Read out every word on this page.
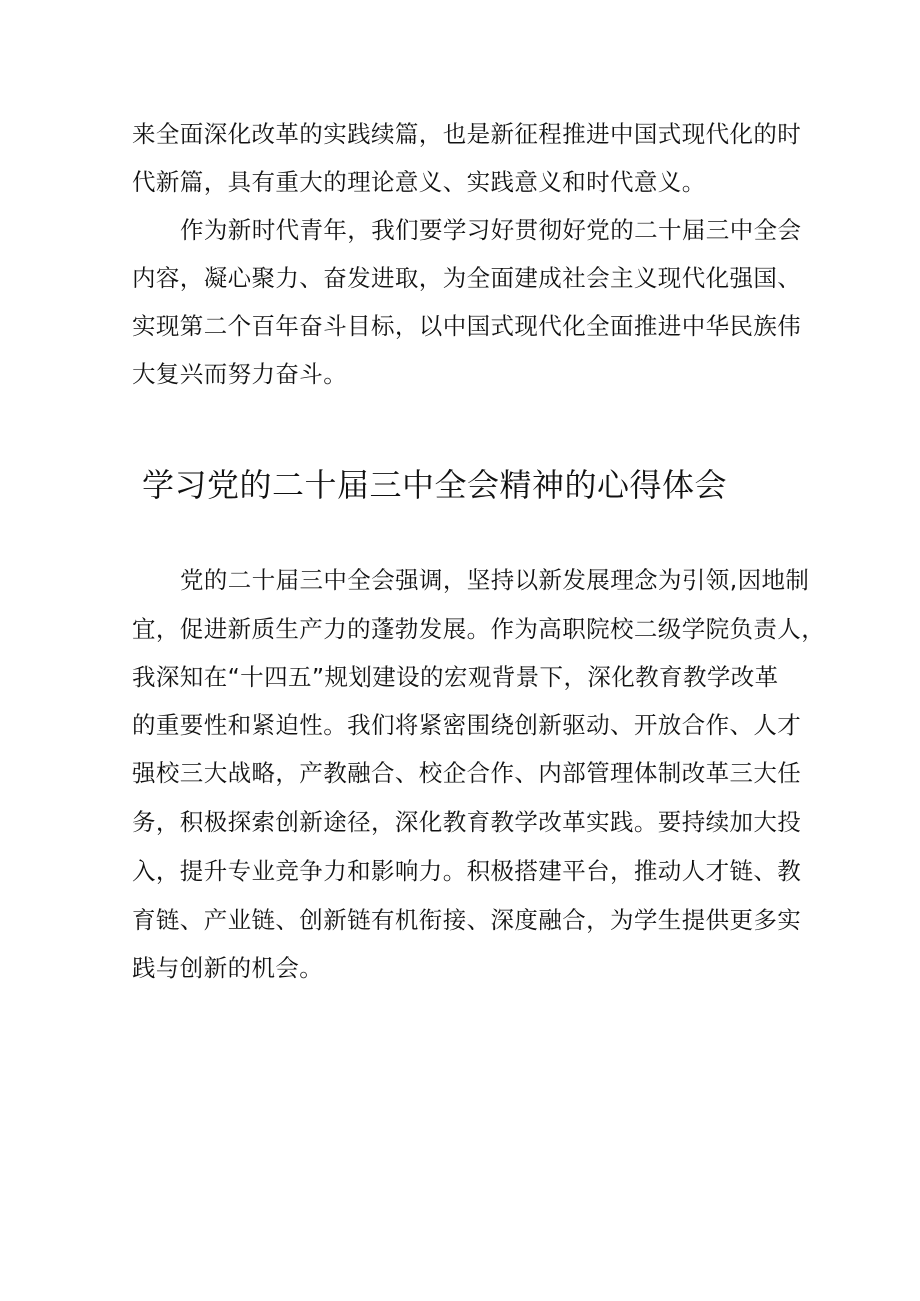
来全面深化改革的实践续篇，也是新征程推进中国式现代化的时
代新篇，具有重大的理论意义、实践意义和时代意义。
作为新时代青年，我们要学习好贯彻好党的二十届三中全会
内容，凝心聚力、奋发进取，为全面建成社会主义现代化强国、
实现第二个百年奋斗目标，以中国式现代化全面推进中华民族伟
大复兴而努力奋斗。
学习党的二十届三中全会精神的心得体会
党的二十届三中全会强调，坚持以新发展理念为引领,因地制
宜，促进新质生产力的蓬勃发展。作为高职院校二级学院负责人，
我深知在“十四五”规划建设的宏观背景下，深化教育教学改革
的重要性和紧迫性。我们将紧密围绕创新驱动、开放合作、人才
强校三大战略，产教融合、校企合作、内部管理体制改革三大任
务，积极探索创新途径，深化教育教学改革实践。要持续加大投
入，提升专业竞争力和影响力。积极搭建平台，推动人才链、教
育链、产业链、创新链有机衔接、深度融合，为学生提供更多实
践与创新的机会。
